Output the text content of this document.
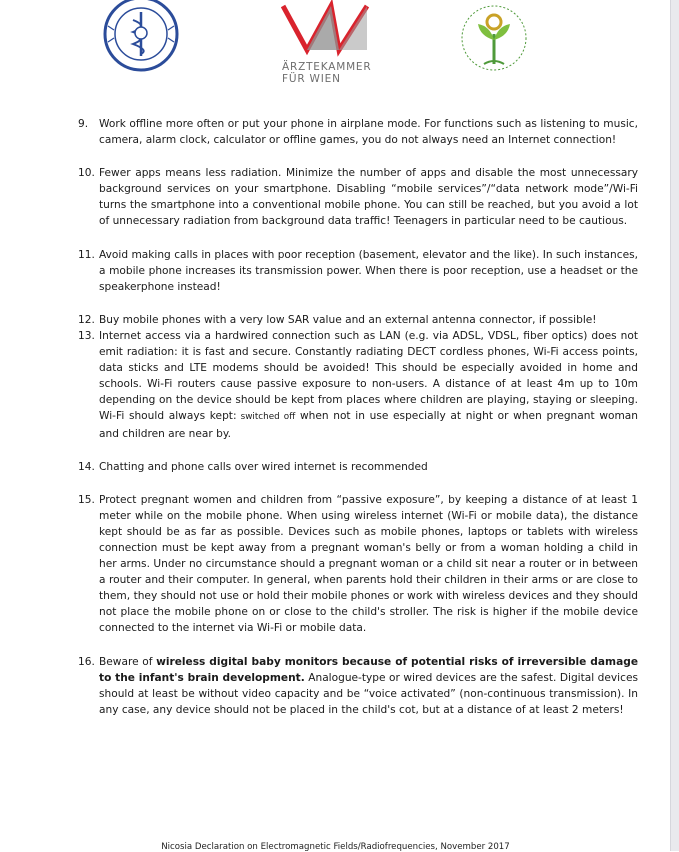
ÄRZTEKAMMER
FÜR WIEN
9.	Work offline more often or put your phone in airplane mode. For functions such as listening to music, camera, alarm clock, calculator or offline games, you do not always need an Internet connection!
10. Fewer apps means less radiation. Minimize the number of apps and disable the most unnecessary background services on your smartphone. Disabling “mobile services”/“data network mode”/Wi-Fi turns the smartphone into a conventional mobile phone. You can still be reached, but you avoid a lot of unnecessary radiation from background data traffic! Teenagers in particular need to be cautious.
11. Avoid making calls in places with poor reception (basement, elevator and the like). In such instances, a mobile phone increases its transmission power. When there is poor reception, use a headset or the speakerphone instead!
12. Buy mobile phones with a very low SAR value and an external antenna connector, if possible!
13. Internet access via a hardwired connection such as LAN (e.g. via ADSL, VDSL, fiber optics) does not emit radiation: it is fast and secure. Constantly radiating DECT cordless phones, Wi-Fi access points, data sticks and LTE modems should be avoided! This should be especially avoided in home and schools. Wi-Fi routers cause passive exposure to non-users. A distance of at least 4m up to 10m depending on the device should be kept from places where children are playing, staying or sleeping. Wi-Fi should always kept: switched off when not in use especially at night or when pregnant woman and children are near by.
14. Chatting and phone calls over wired internet is recommended
15. Protect pregnant women and children from “passive exposure”, by keeping a distance of at least 1 meter while on the mobile phone. When using wireless internet (Wi-Fi or mobile data), the distance kept should be as far as possible. Devices such as mobile phones, laptops or tablets with wireless connection must be kept away from a pregnant woman's belly or from a woman holding a child in her arms. Under no circumstance should a pregnant woman or a child sit near a router or in between a router and their computer. In general, when parents hold their children in their arms or are close to them, they should not use or hold their mobile phones or work with wireless devices and they should not place the mobile phone on or close to the child's stroller. The risk is higher if the mobile device connected to the internet via Wi-Fi or mobile data.
16. Beware of wireless digital baby monitors because of potential risks of irreversible damage to the infant's brain development. Analogue-type or wired devices are the safest. Digital devices should at least be without video capacity and be “voice activated” (non-continuous transmission). In any case, any device should not be placed in the child's cot, but at a distance of at least 2 meters!
Nicosia Declaration on Electromagnetic Fields/Radiofrequencies, November 2017
